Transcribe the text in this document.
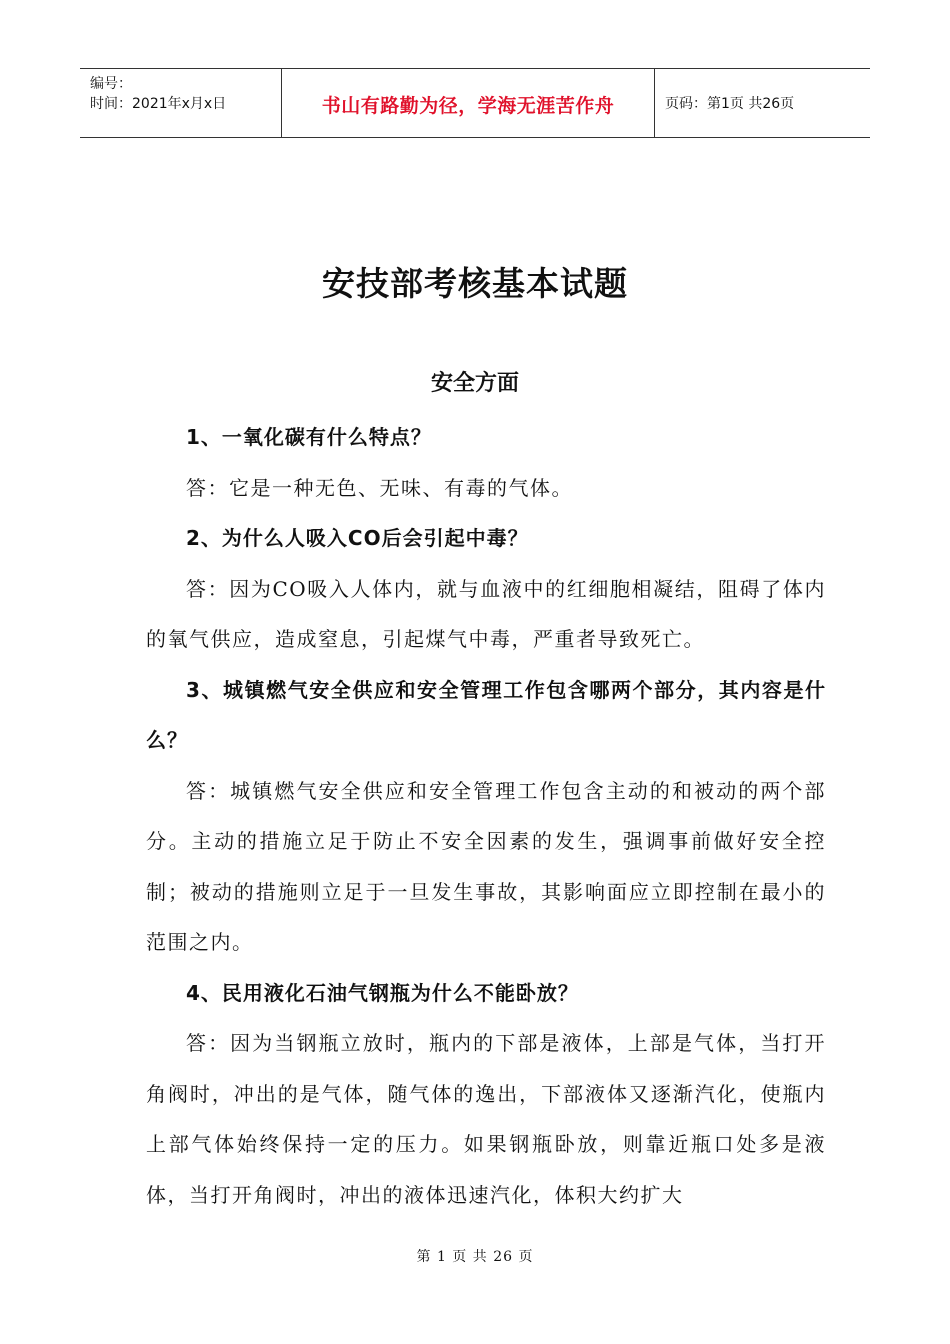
编号：
时间：2021年x月x日	书山有路勤为径，学海无涯苦作舟	页码：第1页 共26页
安技部考核基本试题
安全方面

1、一氧化碳有什么特点？

答：它是一种无色、无味、有毒的气体。

2、为什么人吸入CO后会引起中毒？

答：因为CO吸入人体内，就与血液中的红细胞相凝结，阻碍了体内的氧气供应，造成窒息，引起煤气中毒，严重者导致死亡。

3、城镇燃气安全供应和安全管理工作包含哪两个部分，其内容是什么？

答：城镇燃气安全供应和安全管理工作包含主动的和被动的两个部分。主动的措施立足于防止不安全因素的发生，强调事前做好安全控制；被动的措施则立足于一旦发生事故，其影响面应立即控制在最小的范围之内。

4、民用液化石油气钢瓶为什么不能卧放？

答：因为当钢瓶立放时，瓶内的下部是液体，上部是气体，当打开角阀时，冲出的是气体，随气体的逸出，下部液体又逐渐汽化，使瓶内上部气体始终保持一定的压力。如果钢瓶卧放，则靠近瓶口处多是液体，当打开角阀时，冲出的液体迅速汽化，体积大约扩大

第 1 页 共 26 页
